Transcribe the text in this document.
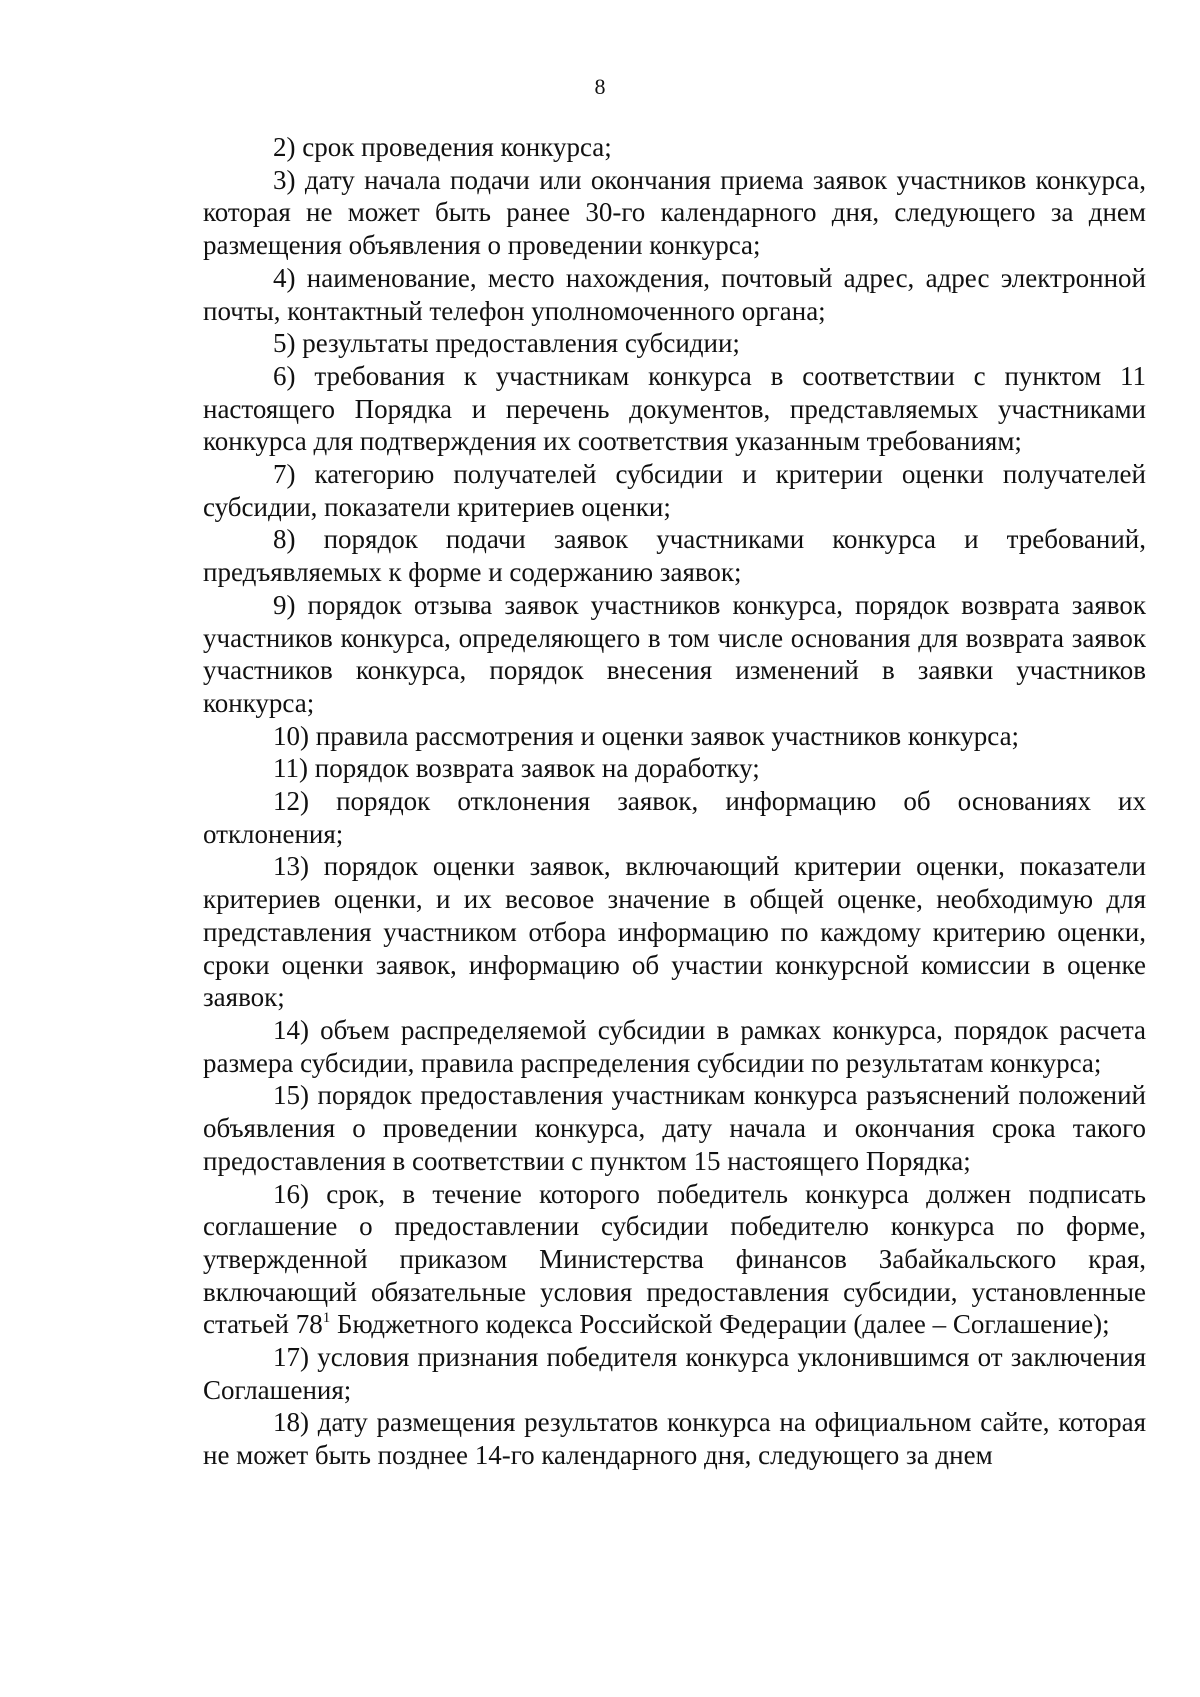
8

2) срок проведения конкурса;

3) дату начала подачи или окончания приема заявок участников конкурса, которая не может быть ранее 30-го календарного дня, следующего за днем размещения объявления о проведении конкурса;

4) наименование, место нахождения, почтовый адрес, адрес электронной почты, контактный телефон уполномоченного органа;

5) результаты предоставления субсидии;

6) требования к участникам конкурса в соответствии с пунктом 11 настоящего Порядка и перечень документов, представляемых участниками конкурса для подтверждения их соответствия указанным требованиям;

7) категорию получателей субсидии и критерии оценки получателей субсидии, показатели критериев оценки;

8) порядок подачи заявок участниками конкурса и требований, предъявляемых к форме и содержанию заявок;

9) порядок отзыва заявок участников конкурса, порядок возврата заявок участников конкурса, определяющего в том числе основания для возврата заявок участников конкурса, порядок внесения изменений в заявки участников конкурса;

10) правила рассмотрения и оценки заявок участников конкурса;

11) порядок возврата заявок на доработку;

12) порядок отклонения заявок, информацию об основаниях их отклонения;

13) порядок оценки заявок, включающий критерии оценки, показатели критериев оценки, и их весовое значение в общей оценке, необходимую для представления участником отбора информацию по каждому критерию оценки, сроки оценки заявок, информацию об участии конкурсной комиссии в оценке заявок;

14) объем распределяемой субсидии в рамках конкурса, порядок расчета размера субсидии, правила распределения субсидии по результатам конкурса;

15) порядок предоставления участникам конкурса разъяснений положений объявления о проведении конкурса, дату начала и окончания срока такого предоставления в соответствии с пунктом 15 настоящего Порядка;

16) срок, в течение которого победитель конкурса должен подписать соглашение о предоставлении субсидии победителю конкурса по форме, утвержденной приказом Министерства финансов Забайкальского края, включающий обязательные условия предоставления субсидии, установленные статьей $78^1$ Бюджетного кодекса Российской Федерации (далее – Соглашение);

17) условия признания победителя конкурса уклонившимся от заключения Соглашения;

18) дату размещения результатов конкурса на официальном сайте, которая не может быть позднее 14-го календарного дня, следующего за днем
